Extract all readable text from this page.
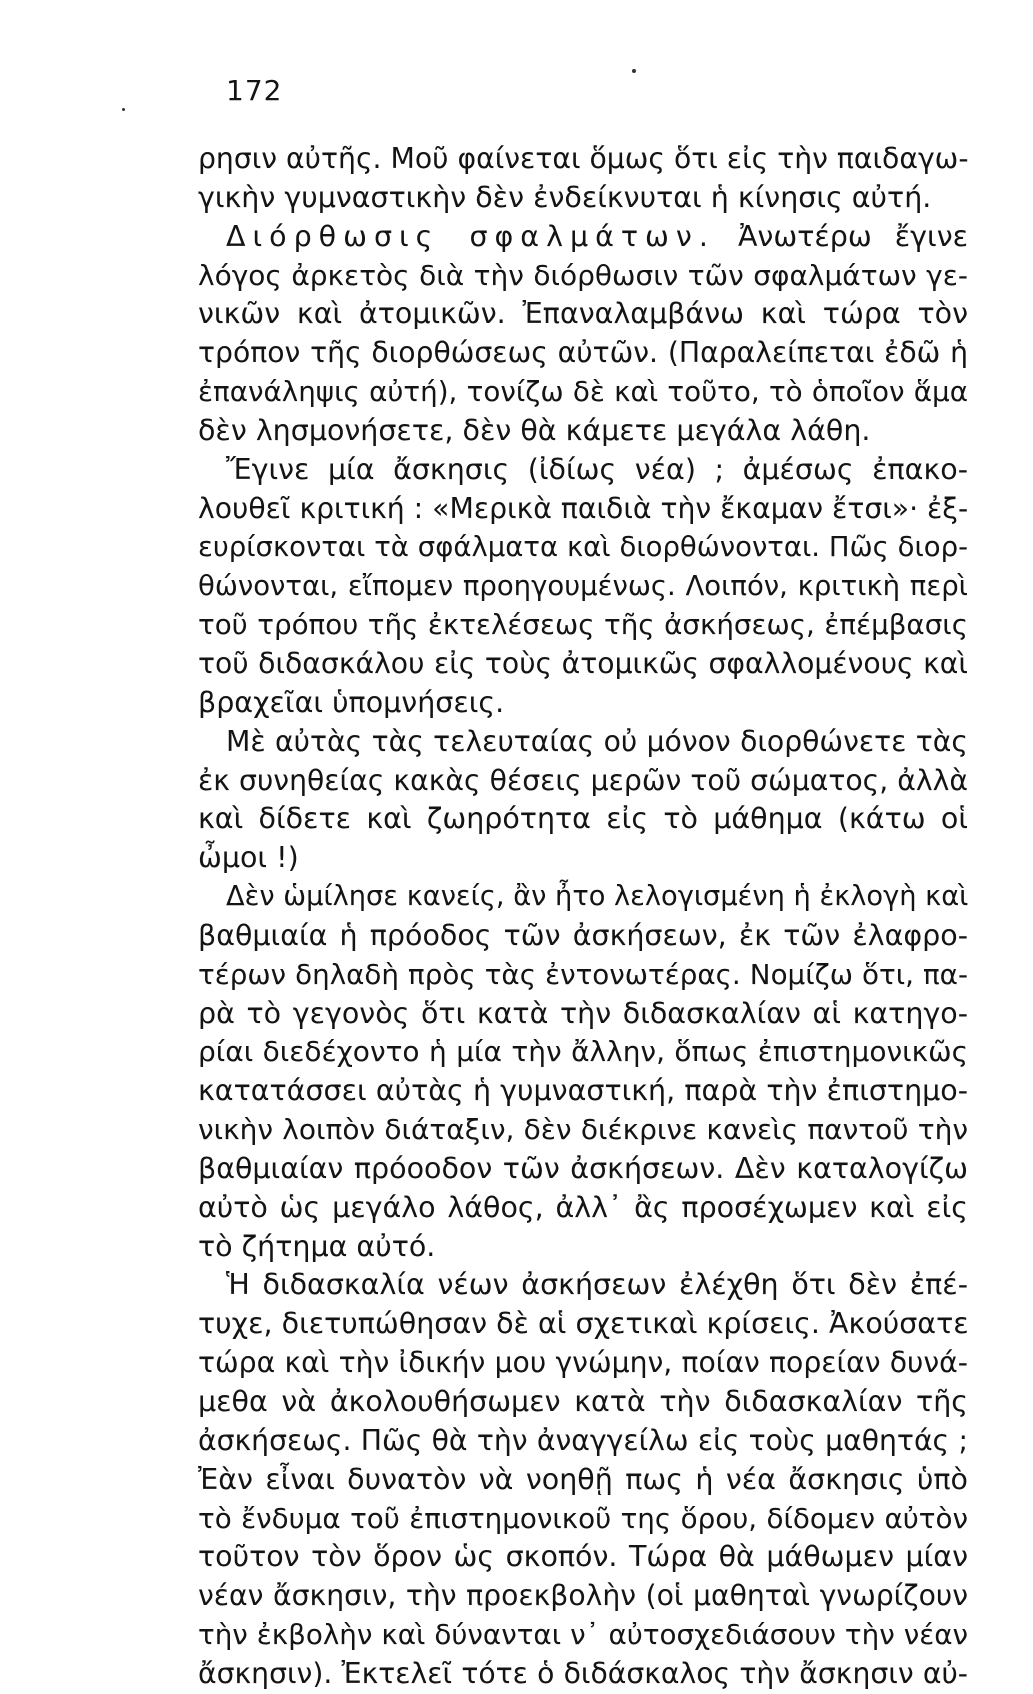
172
ρησιν αὐτῆς. Μοῦ φαίνεται ὅμως ὅτι εἰς τὴν παιδαγω-
γικὴν γυμναστικὴν δὲν ἐνδείκνυται ἡ κίνησις αὐτή.
Διόρθωσις σφαλμάτων. Ἀνωτέρω ἔγινε
λόγος ἀρκετὸς διὰ τὴν διόρθωσιν τῶν σφαλμάτων γε-
νικῶν καὶ ἀτομικῶν. Ἐπαναλαμβάνω καὶ τώρα τὸν
τρόπον τῆς διορθώσεως αὐτῶν. (Παραλείπεται ἐδῶ ἡ
ἐπανάληψις αὐτή), τονίζω δὲ καὶ τοῦτο, τὸ ὁποῖον ἅμα
δὲν λησμονήσετε, δὲν θὰ κάμετε μεγάλα λάθη.
Ἔγινε μία ἄσκησις (ἰδίως νέα) ; ἀμέσως ἐπακο-
λουθεῖ κριτική : «Μερικὰ παιδιὰ τὴν ἔκαμαν ἔτσι»· ἐξ-
ευρίσκονται τὰ σφάλματα καὶ διορθώνονται. Πῶς διορ-
θώνονται, εἴπομεν προηγουμένως. Λοιπόν, κριτικὴ περὶ
τοῦ τρόπου τῆς ἐκτελέσεως τῆς ἀσκήσεως, ἐπέμβασις
τοῦ διδασκάλου εἰς τοὺς ἀτομικῶς σφαλλομένους καὶ
βραχεῖαι ὑπομνήσεις.
Μὲ αὐτὰς τὰς τελευταίας οὐ μόνον διορθώνετε τὰς
ἐκ συνηθείας κακὰς θέσεις μερῶν τοῦ σώματος, ἀλλὰ
καὶ δίδετε καὶ ζωηρότητα εἰς τὸ μάθημα (κάτω οἱ
ὦμοι !)
Δὲν ὡμίλησε κανείς, ἂν ἦτο λελογισμένη ἡ ἐκλογὴ καὶ
βαθμιαία ἡ πρόοδος τῶν ἀσκήσεων, ἐκ τῶν ἐλαφρο-
τέρων δηλαδὴ πρὸς τὰς ἐντονωτέρας. Νομίζω ὅτι, πα-
ρὰ τὸ γεγονὸς ὅτι κατὰ τὴν διδασκαλίαν αἱ κατηγο-
ρίαι διεδέχοντο ἡ μία τὴν ἄλλην, ὅπως ἐπιστημονικῶς
κατατάσσει αὐτὰς ἡ γυμναστική, παρὰ τὴν ἐπιστημο-
νικὴν λοιπὸν διάταξιν, δὲν διέκρινε κανεὶς παντοῦ τὴν
βαθμιαίαν πρόοοδον τῶν ἀσκήσεων. Δὲν καταλογίζω
αὐτὸ ὡς μεγάλο λάθος, ἀλλ᾿ ἂς προσέχωμεν καὶ εἰς
τὸ ζήτημα αὐτό.
Ἡ διδασκαλία νέων ἀσκήσεων ἐλέχθη ὅτι δὲν ἐπέ-
τυχε, διετυπώθησαν δὲ αἱ σχετικαὶ κρίσεις. Ἀκούσατε
τώρα καὶ τὴν ἰδικήν μου γνώμην, ποίαν πορείαν δυνά-
μεθα νὰ ἀκολουθήσωμεν κατὰ τὴν διδασκαλίαν τῆς
ἀσκήσεως. Πῶς θὰ τὴν ἀναγγείλω εἰς τοὺς μαθητάς ;
Ἐὰν εἶναι δυνατὸν νὰ νοηθῇ πως ἡ νέα ἄσκησις ὑπὸ
τὸ ἔνδυμα τοῦ ἐπιστημονικοῦ της ὅρου, δίδομεν αὐτὸν
τοῦτον τὸν ὅρον ὡς σκοπόν. Τώρα θὰ μάθωμεν μίαν
νέαν ἄσκησιν, τὴν προεκβολὴν (οἱ μαθηταὶ γνωρίζουν
τὴν ἐκβολὴν καὶ δύνανται ν᾿ αὐτοσχεδιάσουν τὴν νέαν
ἄσκησιν). Ἐκτελεῖ τότε ὁ διδάσκαλος τὴν ἄσκησιν αὐ-
